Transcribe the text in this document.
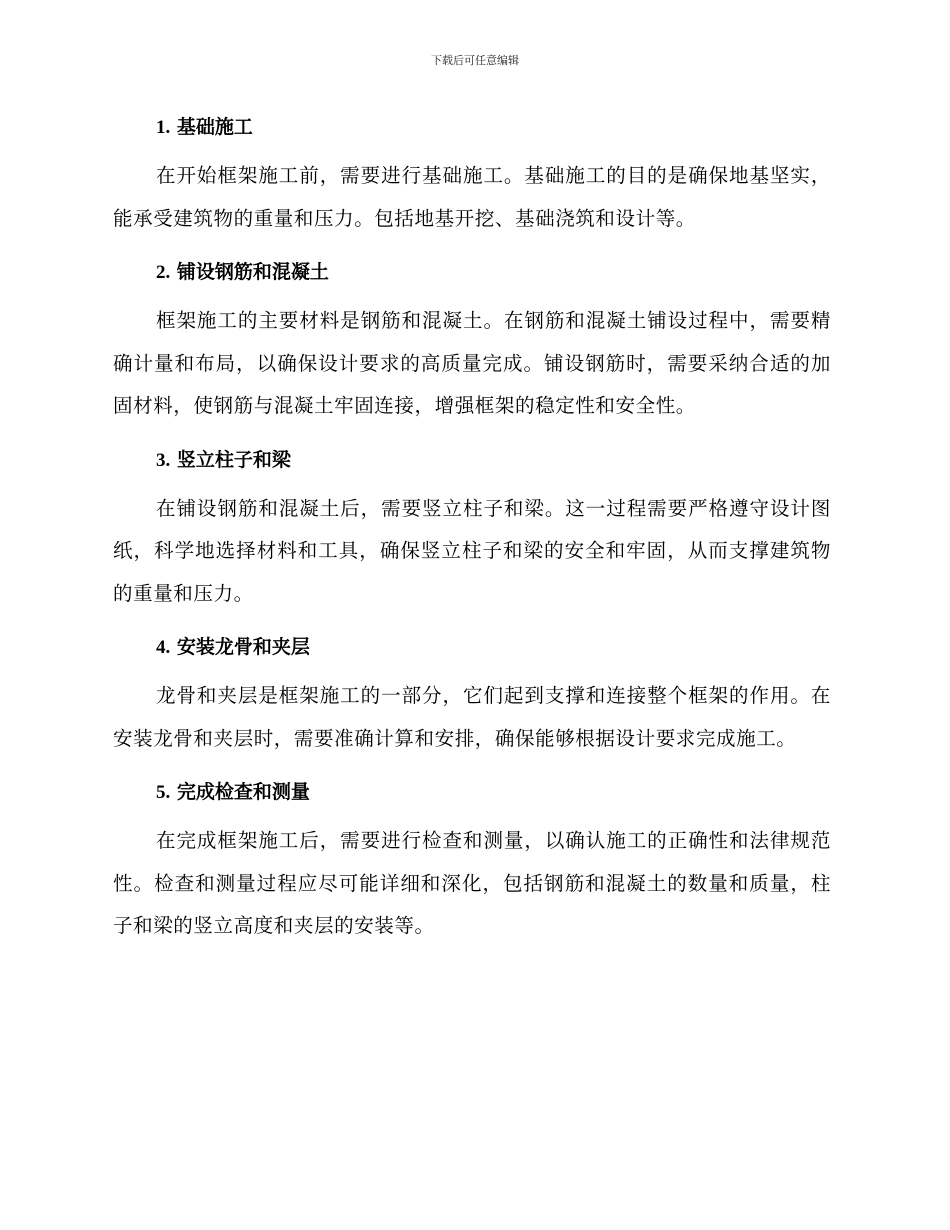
下载后可任意编辑

1. 基础施工

在开始框架施工前，需要进行基础施工。基础施工的目的是确保地基坚实，能承受建筑物的重量和压力。包括地基开挖、基础浇筑和设计等。

2. 铺设钢筋和混凝土

框架施工的主要材料是钢筋和混凝土。在钢筋和混凝土铺设过程中，需要精确计量和布局，以确保设计要求的高质量完成。铺设钢筋时，需要采纳合适的加固材料，使钢筋与混凝土牢固连接，增强框架的稳定性和安全性。

3. 竖立柱子和梁

在铺设钢筋和混凝土后，需要竖立柱子和梁。这一过程需要严格遵守设计图纸，科学地选择材料和工具，确保竖立柱子和梁的安全和牢固，从而支撑建筑物的重量和压力。

4. 安装龙骨和夹层

龙骨和夹层是框架施工的一部分，它们起到支撑和连接整个框架的作用。在安装龙骨和夹层时，需要准确计算和安排，确保能够根据设计要求完成施工。

5. 完成检查和测量

在完成框架施工后，需要进行检查和测量，以确认施工的正确性和法律规范性。检查和测量过程应尽可能详细和深化，包括钢筋和混凝土的数量和质量，柱子和梁的竖立高度和夹层的安装等。
